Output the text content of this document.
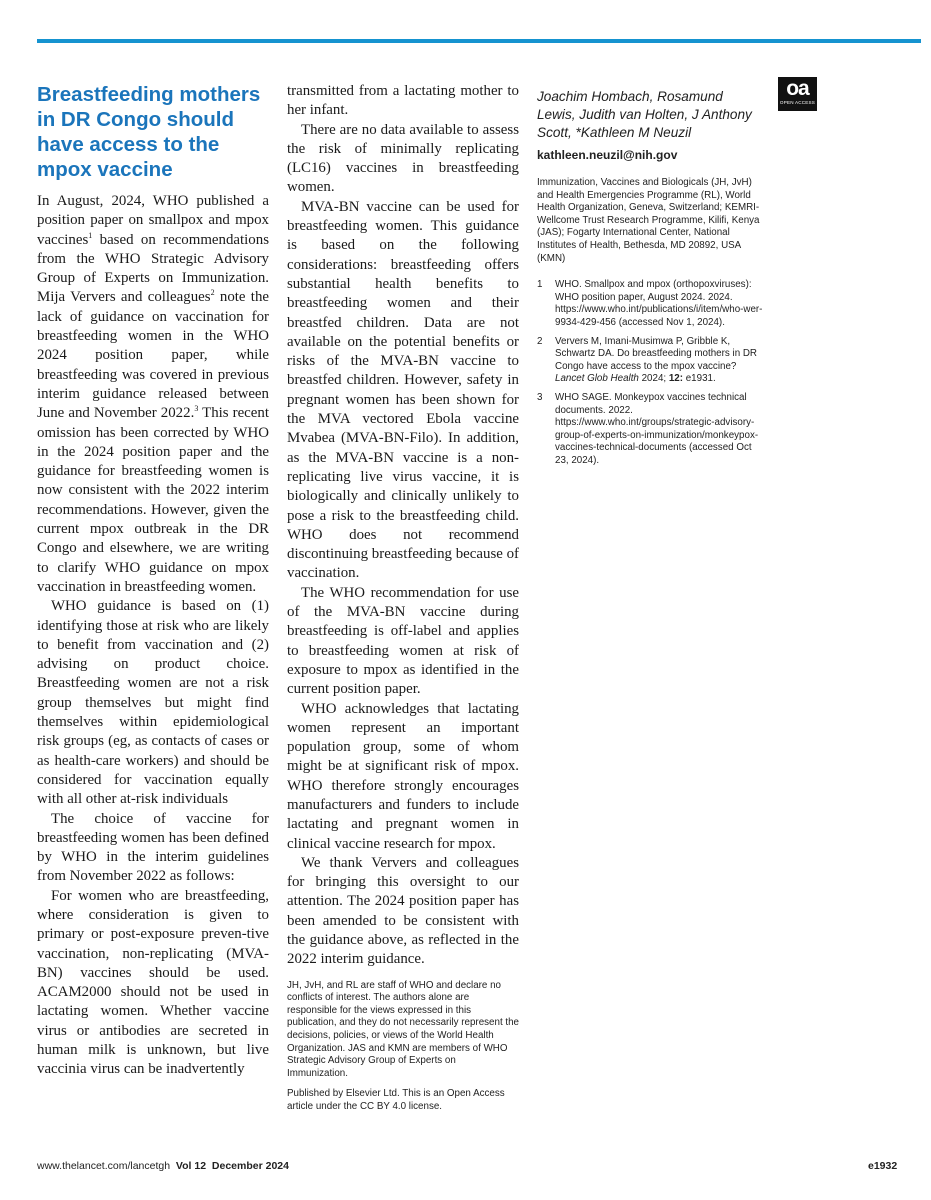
oa
OPEN ACCESS
Breastfeeding mothers in DR Congo should have access to the mpox vaccine

In August, 2024, WHO published a position paper on smallpox and mpox vaccines$^1$ based on recommendations from the WHO Strategic Advisory Group of Experts on Immunization. Mija Ververs and colleagues$^2$ note the lack of guidance on vaccination for breastfeeding women in the WHO 2024 position paper, while breastfeeding was covered in previous interim guidance released between June and November 2022.$^3$ This recent omission has been corrected by WHO in the 2024 position paper and the guidance for breastfeeding women is now consistent with the 2022 interim recommendations. However, given the current mpox outbreak in the DR Congo and elsewhere, we are writing to clarify WHO guidance on mpox vaccination in breastfeeding women.

WHO guidance is based on (1) identifying those at risk who are likely to benefit from vaccination and (2) advising on product choice. Breastfeeding women are not a risk group themselves but might find themselves within epidemiological risk groups (eg, as contacts of cases or as health-care workers) and should be considered for vaccination equally with all other at-risk individuals

The choice of vaccine for breastfeeding women has been defined by WHO in the interim guidelines from November 2022 as follows:

For women who are breastfeeding, where consideration is given to primary or post-exposure preven-tive vaccination, non-replicating (MVA-BN) vaccines should be used. ACAM2000 should not be used in lactating women. Whether vaccine virus or antibodies are secreted in human milk is unknown, but live vaccinia virus can be inadvertently

transmitted from a lactating mother to her infant.

There are no data available to assess the risk of minimally replicating (LC16) vaccines in breastfeeding women.

MVA-BN vaccine can be used for breastfeeding women. This guidance is based on the following considerations: breastfeeding offers substantial health benefits to breastfeeding women and their breastfed children. Data are not available on the potential benefits or risks of the MVA-BN vaccine to breastfed children. However, safety in pregnant women has been shown for the MVA vectored Ebola vaccine Mvabea (MVA-BN-Filo). In addition, as the MVA-BN vaccine is a non-replicating live virus vaccine, it is biologically and clinically unlikely to pose a risk to the breastfeeding child. WHO does not recommend discontinuing breastfeeding because of vaccination.

The WHO recommendation for use of the MVA-BN vaccine during breastfeeding is off-label and applies to breastfeeding women at risk of exposure to mpox as identified in the current position paper.

WHO acknowledges that lactating women represent an important population group, some of whom might be at significant risk of mpox. WHO therefore strongly encourages manufacturers and funders to include lactating and pregnant women in clinical vaccine research for mpox.

We thank Ververs and colleagues for bringing this oversight to our attention. The 2024 position paper has been amended to be consistent with the guidance above, as reflected in the 2022 interim guidance.

JH, JvH, and RL are staff of WHO and declare no conflicts of interest. The authors alone are responsible for the views expressed in this publication, and they do not necessarily represent the decisions, policies, or views of the World Health Organization. JAS and KMN are members of WHO Strategic Advisory Group of Experts on Immunization.

Published by Elsevier Ltd. This is an Open Access article under the CC BY 4.0 license.

Joachim Hombach, Rosamund Lewis, Judith van Holten, J Anthony Scott, *Kathleen M Neuzil

kathleen.neuzil@nih.gov

Immunization, Vaccines and Biologicals (JH, JvH) and Health Emergencies Programme (RL), World Health Organization, Geneva, Switzerland; KEMRI-Wellcome Trust Research Programme, Kilifi, Kenya (JAS); Fogarty International Center, National Institutes of Health, Bethesda, MD 20892, USA (KMN)

1	WHO. Smallpox and mpox (orthopoxviruses): WHO position paper, August 2024. 2024. https://www.who.int/publications/i/item/who-wer-9934-429-456 (accessed Nov 1, 2024).
2	Ververs M, Imani-Musimwa P, Gribble K, Schwartz DA. Do breastfeeding mothers in DR Congo have access to the mpox vaccine? Lancet Glob Health 2024; 12: e1931.
3	WHO SAGE. Monkeypox vaccines technical documents. 2022. https://www.who.int/groups/strategic-advisory-group-of-experts-on-immunization/monkeypox-vaccines-technical-documents (accessed Oct 23, 2024).
www.thelancet.com/lancetgh Vol 12 December 2024	e1932
